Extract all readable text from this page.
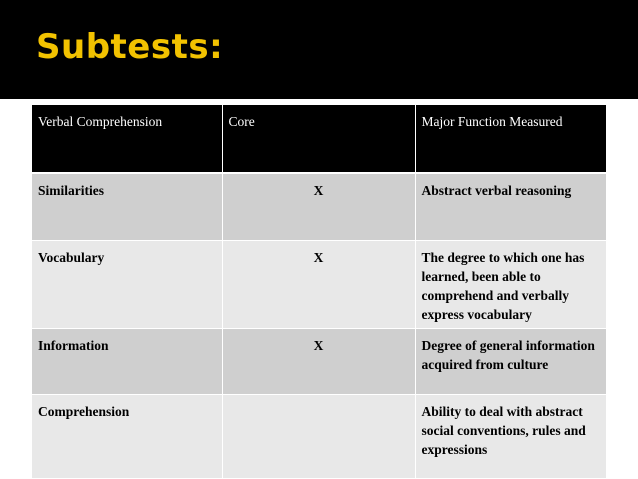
Subtests:
Verbal Comprehension	Core	Major Function Measured
Similarities	X	Abstract verbal reasoning
Vocabulary	X	The degree to which one has learned, been able to comprehend and verbally express vocabulary
Information	X	Degree of general information acquired from culture
Comprehension		Ability to deal with abstract social conventions, rules and expressions
